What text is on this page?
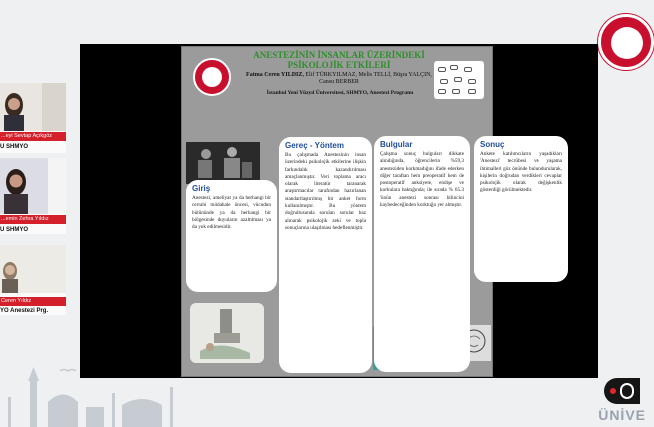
ÜNİVE
...eyi Sevtap Açıkgöz
U SHMYO
...emin Zehra Yıldız
U SHMYO
Ceren Yıldız
YO Anestezi Prg.
ANESTEZİNİN İNSANLAR ÜZERİNDEKİ PSİKOLOJİK ETKİLERİ
Fatma Ceren YILDIZ, Elif TÜRKYILMAZ, Melis TELLİ, Büşra YALÇIN, Cansu BERBER
İstanbul Yeni Yüzyıl Üniversitesi, SHMYO, Anestezi Programı
Giriş

Anestezi, ameliyat ya da herhangi bir cerrahi müdahale öncesi, vücudun bütününde ya da herhangi bir bölgesinde duyuların azaltılması ya da yok edilmesidir.

Gereç - Yöntem

Bu çalışmada Anestezinin insan üzerindeki psikolojik etkilerine ilişkin farkındalık kazandırılması amaçlanmıştır. Veri toplama aracı olarak literatür taranarak araştırmacılar tarafından hazırlanan standartlaştırılmış bir anket form kullanılmıştır. Bu yöntem doğrultusunda sorulan sorular baz alınarak psikolojik zeki ve topla sonuçlarına ulaşılması hedeflenmiştir.

Bulgular

Çalışma sonuç bulguları dikkate alındığında, öğrencilerin %59,3 anesteziden korkmadığını ifade ederken diğer taraftan hem preoperatif hem de postoperatif anksiyete, endişe ve korkulara baktığında; ile sırada % 65.3 'ünün anestezi sonrası bilincini kaybedeceğinden korktuğu yer almıştır.

Sonuç

Ankete katılımcıların yaşadıkları 'Anestezi' tecrübesi ve yaşama ihtimalleri göz önünde bulundurularak, kişilerin doğrudan verdikleri cevaplar psikolojik olarak değişkenlik gösterdiği görülmektedir.
